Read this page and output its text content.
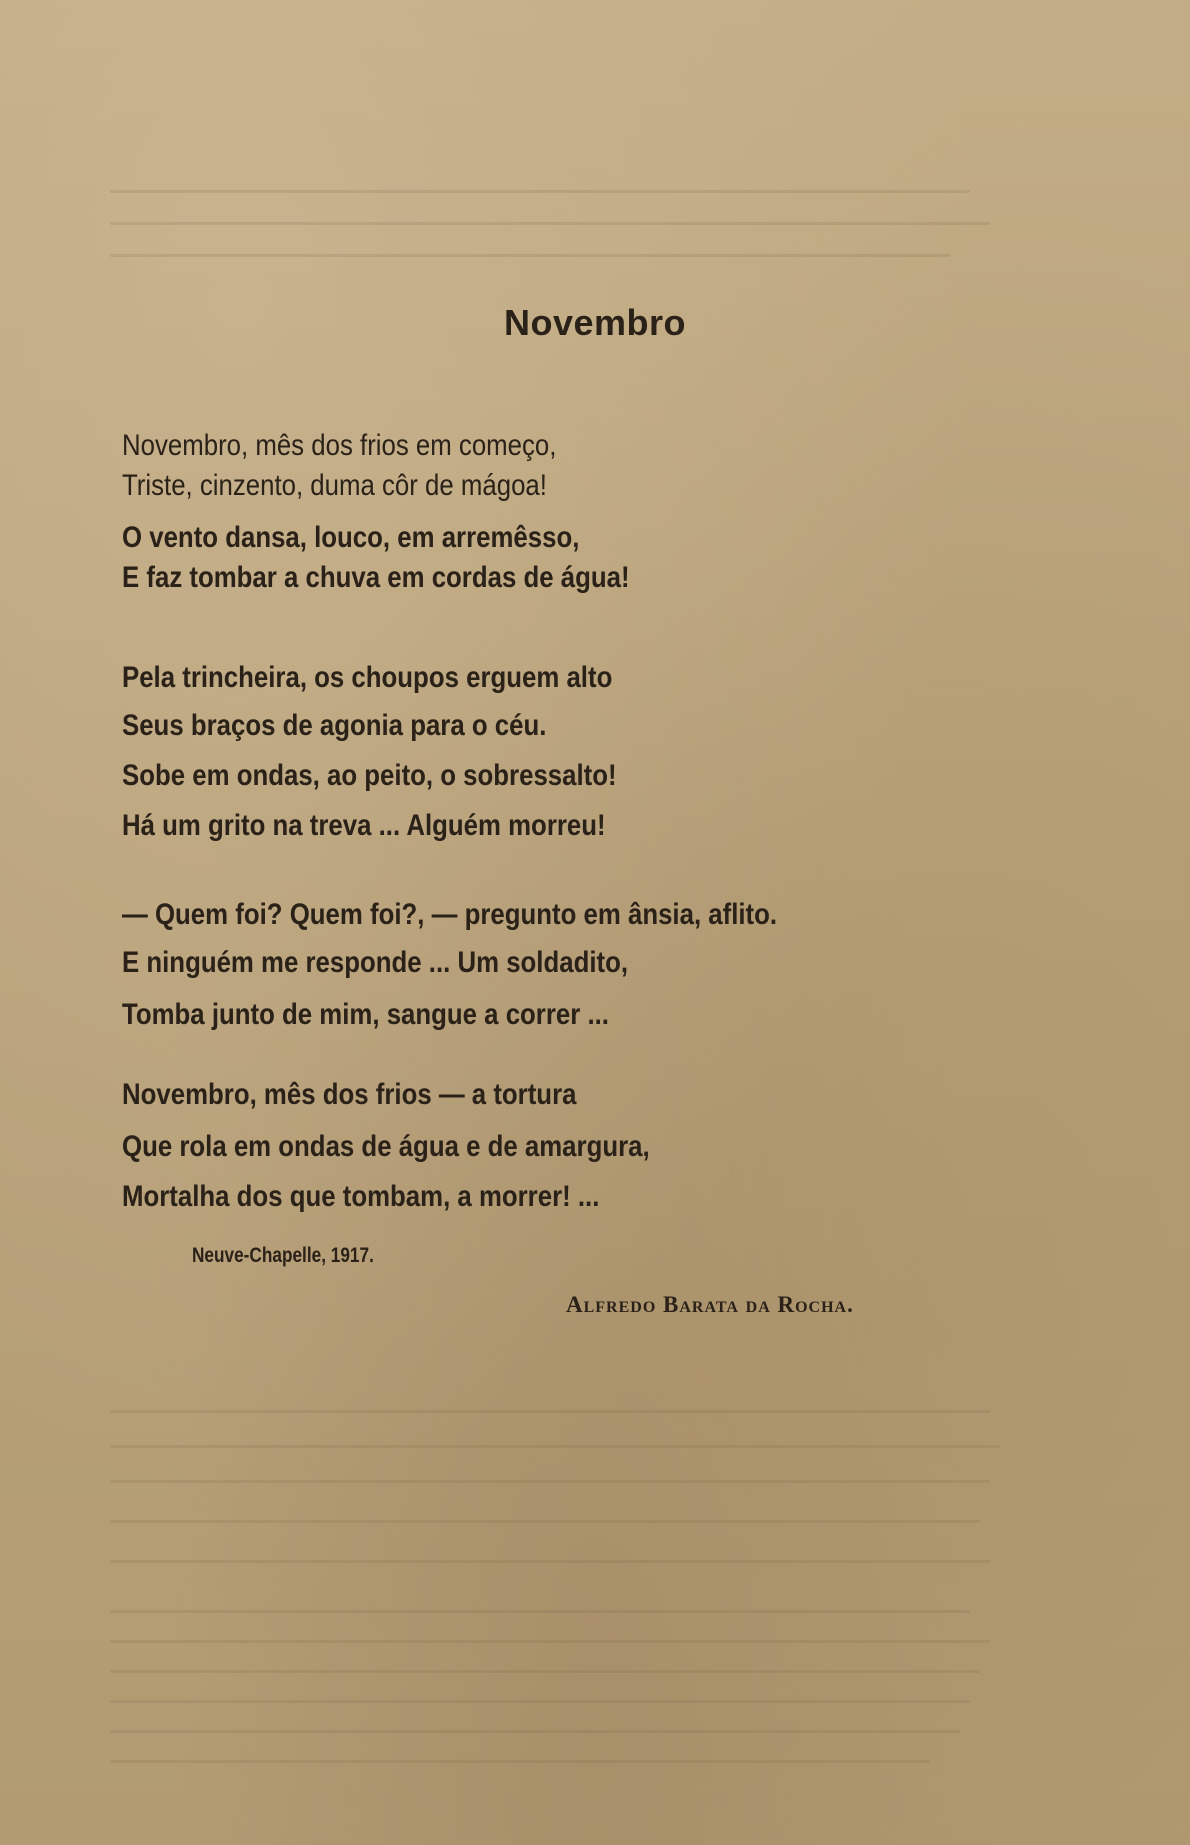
Novembro
Novembro, mês dos frios em começo,
Triste, cinzento, duma côr de mágoa!
O vento dansa, louco, em arremêsso,
E faz tombar a chuva em cordas de água!
Pela trincheira, os choupos erguem alto
Seus braços de agonia para o céu.
Sobe em ondas, ao peito, o sobressalto!
Há um grito na treva ... Alguém morreu!
— Quem foi? Quem foi?, — pregunto em ânsia, aflito.
E ninguém me responde ... Um soldadito,
Tomba junto de mim, sangue a correr ...
Novembro, mês dos frios — a tortura
Que rola em ondas de água e de amargura,
Mortalha dos que tombam, a morrer! ...
Neuve-Chapelle, 1917.
Alfredo Barata da Rocha.
